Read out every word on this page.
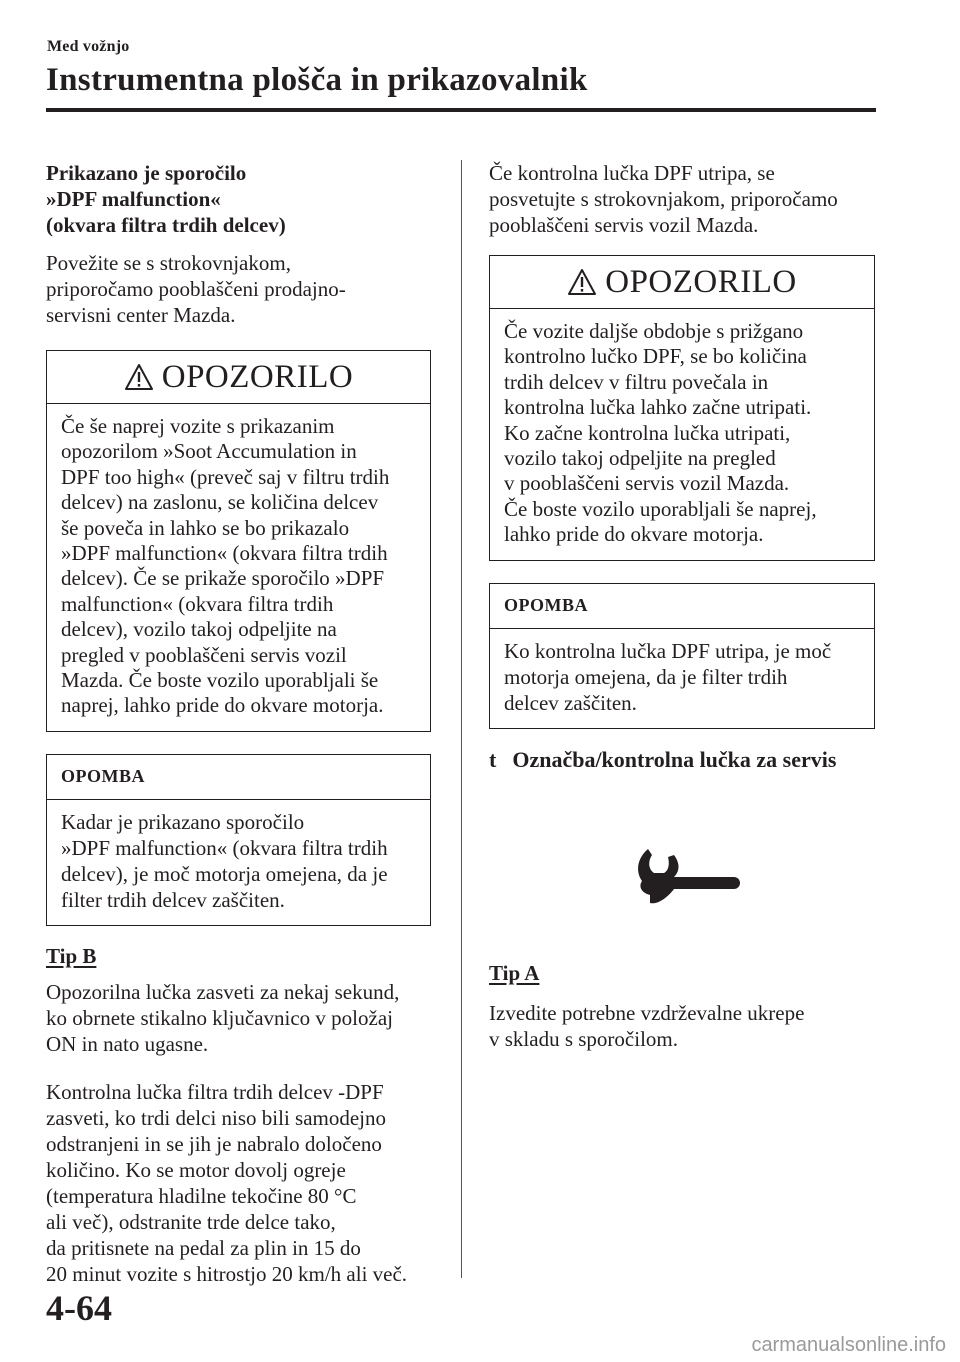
Med vožnjo
Instrumentna plošča in prikazovalnik
Prikazano je sporočilo
»DPF malfunction«
(okvara filtra trdih delcev)
Povežite se s strokovnjakom,
priporočamo pooblaščeni prodajno-
servisni center Mazda.
OPOZORILO
Če še naprej vozite s prikazanim
opozorilom »Soot Accumulation in
DPF too high« (preveč saj v filtru trdih
delcev) na zaslonu, se količina delcev
še poveča in lahko se bo prikazalo
»DPF malfunction« (okvara filtra trdih
delcev). Če se prikaže sporočilo »DPF
malfunction« (okvara filtra trdih
delcev), vozilo takoj odpeljite na
pregled v pooblaščeni servis vozil
Mazda. Če boste vozilo uporabljali še
naprej, lahko pride do okvare motorja.
OPOMBA
Kadar je prikazano sporočilo
»DPF malfunction« (okvara filtra trdih
delcev), je moč motorja omejena, da je
filter trdih delcev zaščiten.
Tip B
Opozorilna lučka zasveti za nekaj sekund,
ko obrnete stikalno ključavnico v položaj
ON in nato ugasne.
Kontrolna lučka filtra trdih delcev -DPF
zasveti, ko trdi delci niso bili samodejno
odstranjeni in se jih je nabralo določeno
količino. Ko se motor dovolj ogreje
(temperatura hladilne tekočine 80 °C
ali več), odstranite trde delce tako,
da pritisnete na pedal za plin in 15 do
20 minut vozite s hitrostjo 20 km/h ali več.
Če kontrolna lučka DPF utripa, se
posvetujte s strokovnjakom, priporočamo
pooblaščeni servis vozil Mazda.
OPOZORILO
Če vozite daljše obdobje s prižgano
kontrolno lučko DPF, se bo količina
trdih delcev v filtru povečala in
kontrolna lučka lahko začne utripati.
Ko začne kontrolna lučka utripati,
vozilo takoj odpeljite na pregled
v pooblaščeni servis vozil Mazda.
Če boste vozilo uporabljali še naprej,
lahko pride do okvare motorja.
OPOMBA
Ko kontrolna lučka DPF utripa, je moč
motorja omejena, da je filter trdih
delcev zaščiten.
t Označba/kontrolna lučka za servis
Tip A
Izvedite potrebne vzdrževalne ukrepe
v skladu s sporočilom.
4-64
carmanualsonline.info
